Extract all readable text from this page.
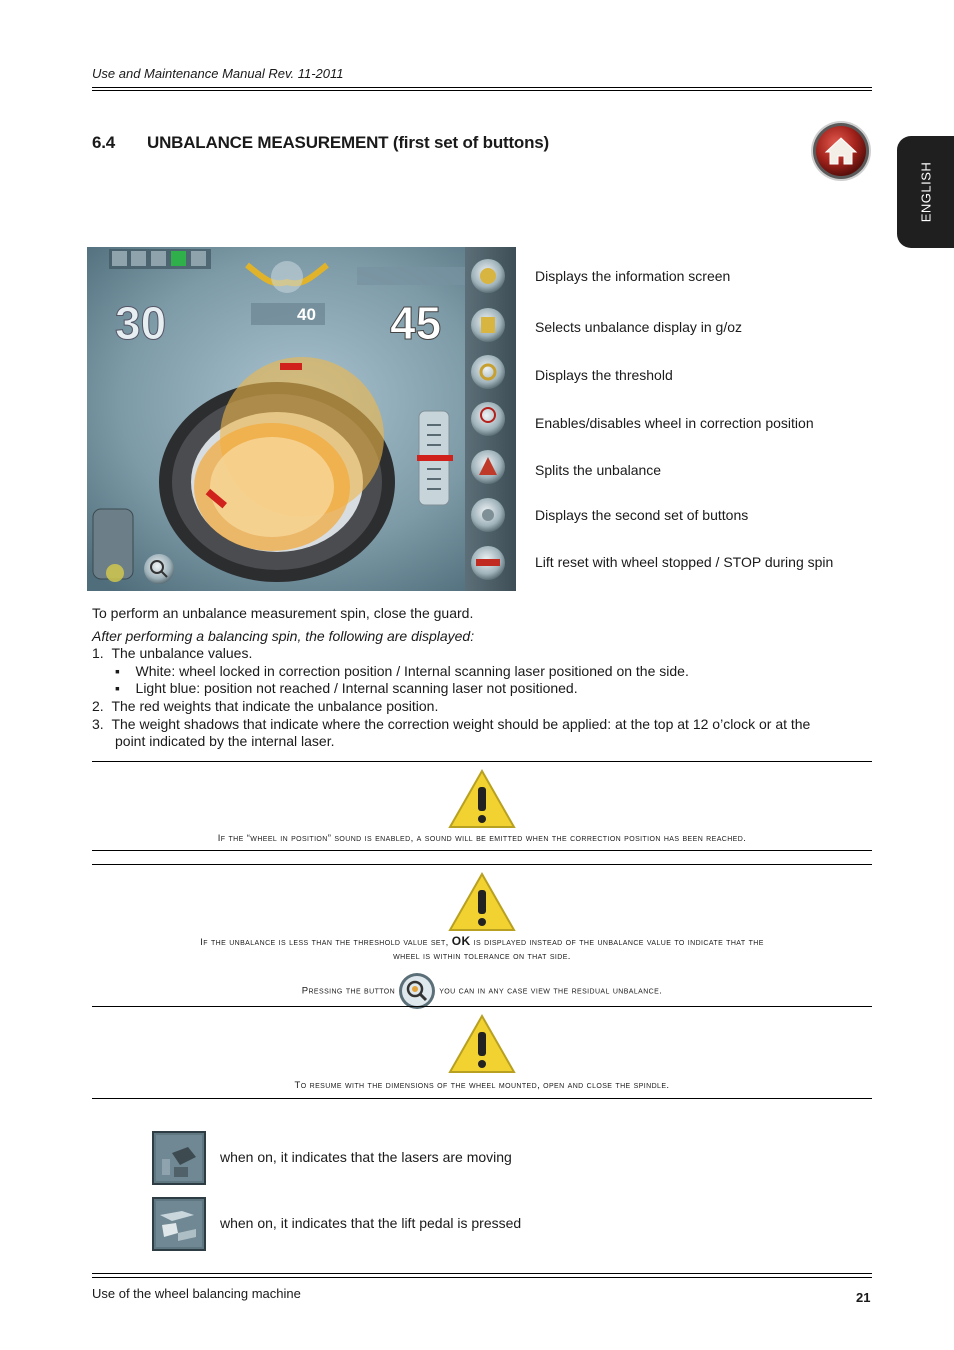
Use and Maintenance Manual Rev. 11-2011
6.4 UNBALANCE MEASUREMENT (first set of buttons)
ENGLISH
30	45
40
Displays the information screen
Selects unbalance display in g/oz
Displays the threshold
Enables/disables wheel in correction position
Splits the unbalance
Displays the second set of buttons
Lift reset with wheel stopped / STOP during spin
To perform an unbalance measurement spin, close the guard.
After performing a balancing spin, the following are displayed:
1. The unbalance values.
▪    White: wheel locked in correction position / Internal scanning laser positioned on the side.
▪    Light blue: position not reached / Internal scanning laser not positioned.
2. The red weights that indicate the unbalance position.
3. The weight shadows that indicate where the correction weight should be applied: at the top at 12 o’clock or at the
point indicated by the internal laser.
If the “wheel in position” sound is enabled, a sound will be emitted when the correction position has been reached.
If the unbalance is less than the threshold value set, OK is displayed instead of the unbalance value to indicate that the
wheel is within tolerance on that side.
Pressing the button	you can in any case view the residual unbalance.
To resume with the dimensions of the wheel mounted, open and close the spindle.
when on, it indicates that the lasers are moving
when on, it indicates that the lift pedal is pressed
Use of the wheel balancing machine	21
